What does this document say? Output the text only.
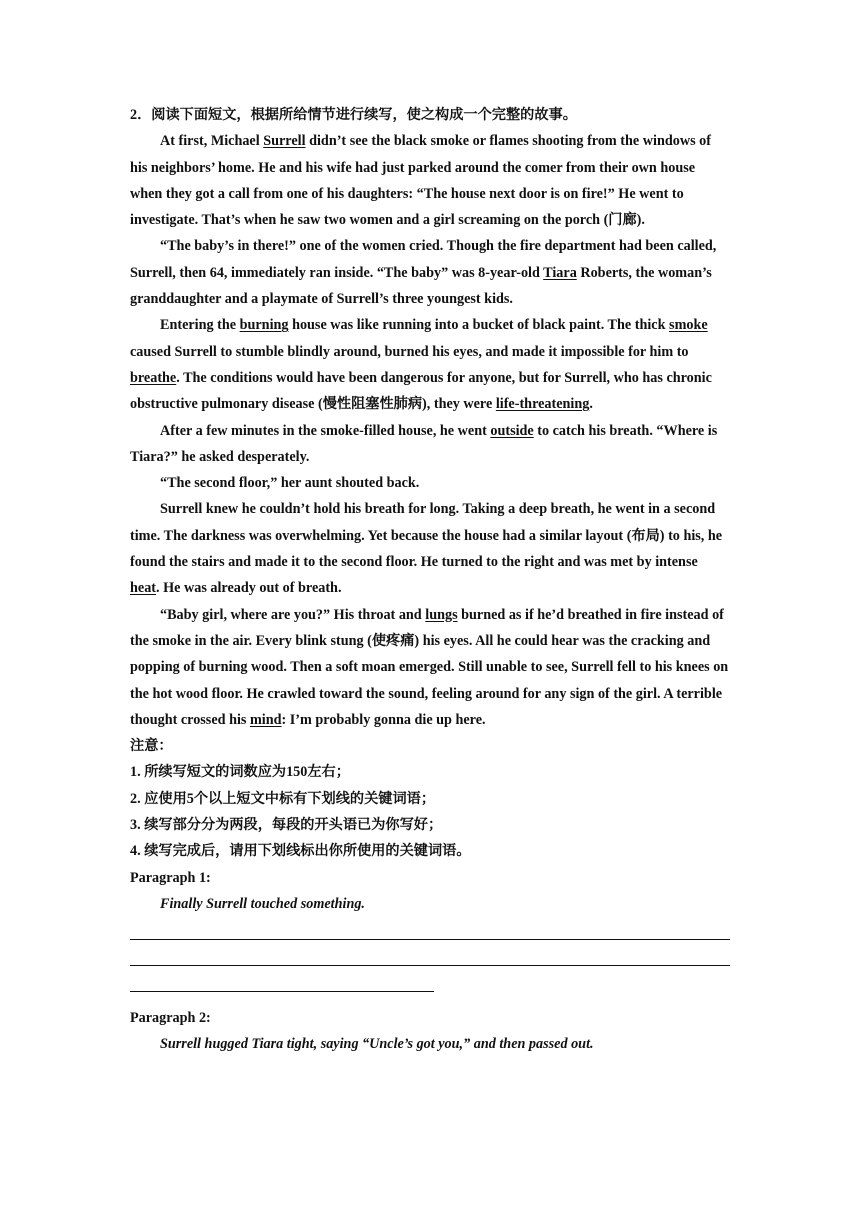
2．阅读下面短文，根据所给情节进行续写，使之构成一个完整的故事。

At first, Michael Surrell didn’t see the black smoke or flames shooting from the windows of his neighbors’ home. He and his wife had just parked around the comer from their own house when they got a call from one of his daughters: “The house next door is on fire!” He went to investigate. That’s when he saw two women and a girl screaming on the porch (门廊).

“The baby’s in there!” one of the women cried. Though the fire department had been called, Surrell, then 64, immediately ran inside. “The baby” was 8-year-old Tiara Roberts, the woman’s granddaughter and a playmate of Surrell’s three youngest kids.

Entering the burning house was like running into a bucket of black paint. The thick smoke caused Surrell to stumble blindly around, burned his eyes, and made it impossible for him to breathe. The conditions would have been dangerous for anyone, but for Surrell, who has chronic obstructive pulmonary disease (慢性阻塞性肺病), they were life-threatening.

After a few minutes in the smoke-filled house, he went outside to catch his breath. “Where is Tiara?” he asked desperately.

“The second floor,” her aunt shouted back.

Surrell knew he couldn’t hold his breath for long. Taking a deep breath, he went in a second time. The darkness was overwhelming. Yet because the house had a similar layout (布局) to his, he found the stairs and made it to the second floor. He turned to the right and was met by intense heat. He was already out of breath.

“Baby girl, where are you?” His throat and lungs burned as if he’d breathed in fire instead of the smoke in the air. Every blink stung (使疼痛) his eyes. All he could hear was the cracking and popping of burning wood. Then a soft moan emerged. Still unable to see, Surrell fell to his knees on the hot wood floor. He crawled toward the sound, feeling around for any sign of the girl. A terrible thought crossed his mind: I’m probably gonna die up here.

注意：

1. 所续写短文的词数应为150左右；

2. 应使用5个以上短文中标有下划线的关键词语；

3. 续写部分分为两段，每段的开头语已为你写好；

4. 续写完成后，请用下划线标出你所使用的关键词语。

Paragraph 1:

Finally Surrell touched something.

Paragraph 2:

Surrell hugged Tiara tight, saying “Uncle’s got you,” and then passed out.
